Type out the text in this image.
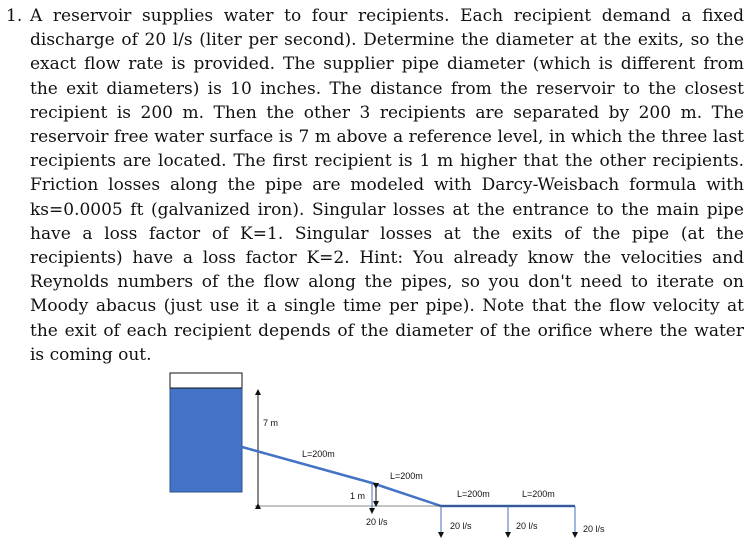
1. A reservoir supplies water to four recipients. Each recipient demand a fixed discharge of 20 l/s (liter per second). Determine the diameter at the exits, so the exact flow rate is provided. The supplier pipe diameter (which is different from the exit diameters) is 10 inches. The distance from the reservoir to the closest recipient is 200 m. Then the other 3 recipients are separated by 200 m. The reservoir free water surface is 7 m above a reference level, in which the three last recipients are located. The first recipient is 1 m higher that the other recipients. Friction losses along the pipe are modeled with Darcy-Weisbach formula with ks=0.0005 ft (galvanized iron). Singular losses at the entrance to the main pipe have a loss factor of K=1. Singular losses at the exits of the pipe (at the recipients) have a loss factor K=2. Hint: You already know the velocities and Reynolds numbers of the flow along the pipes, so you don't need to iterate on Moody abacus (just use it a single time per pipe). Note that the flow velocity at the exit of each recipient depends of the diameter of the orifice where the water is coming out.
7 m
1 m
L=200m
L=200m
L=200m	L=200m
20 l/s	20 l/s	20 l/s	20 l/s
